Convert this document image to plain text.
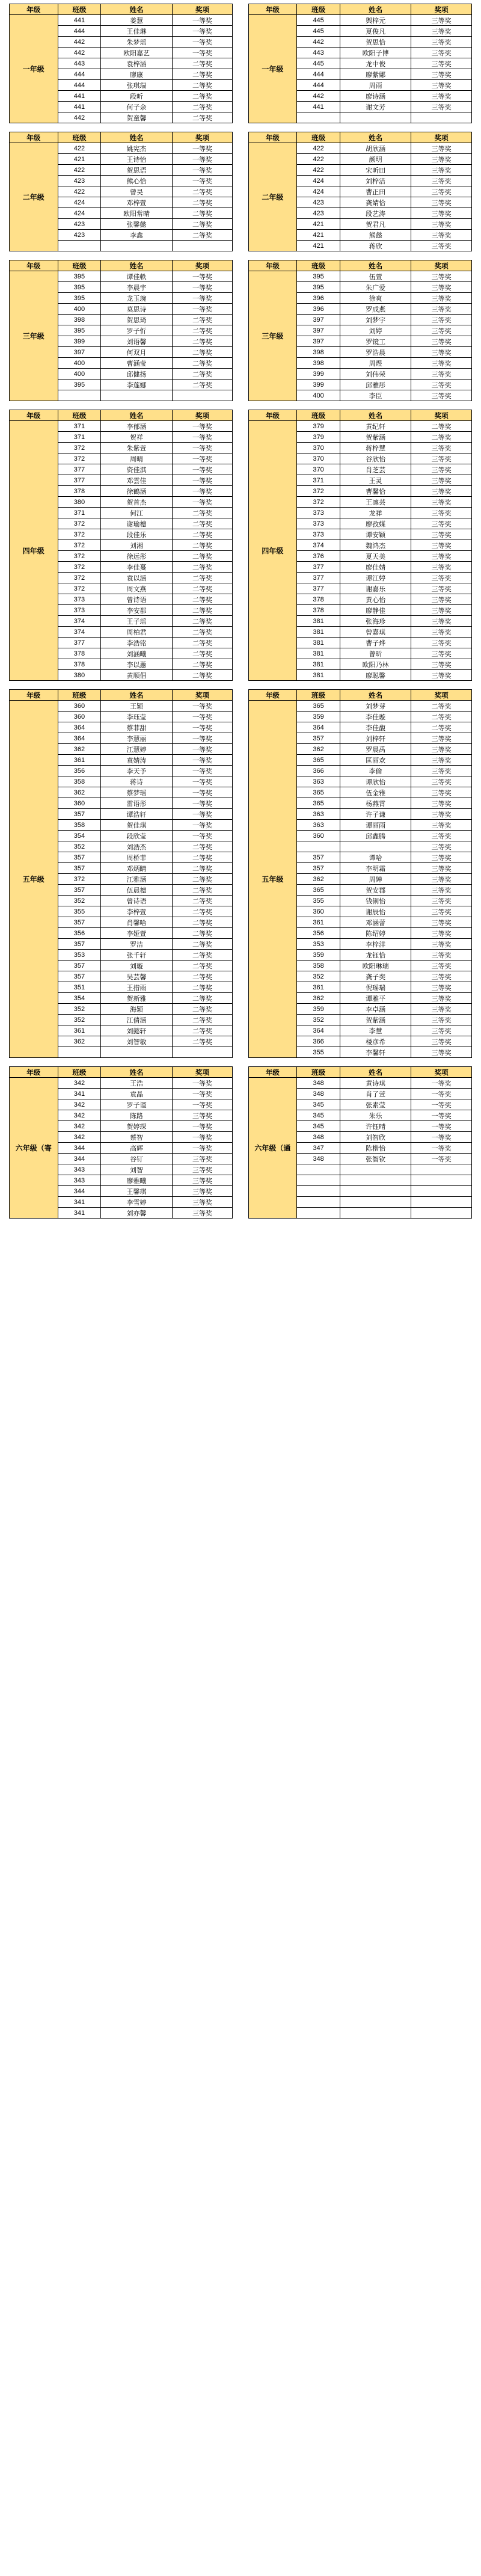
年级	班级	姓名	奖项		年级	班级	姓名	奖项
一年级	441	姜慧	一等奖		一年级	445	舆梓元	三等奖
	444	王佳琳	一等奖			445	夏俊凡	三等奖
	442	朱梦瑶	一等奖			442	贺思恰	三等奖
	442	欧阳嘉艺	一等奖			443	欧阳子博	三等奖
	443	袁梓涵	二等奖			445	龙中俊	三等奖
	444	廖康	二等奖			444	廖紫娜	三等奖
	444	张琪瑞	二等奖			444	周雨	三等奖
	441	段昕	二等奖			442	廖诗涵	三等奖
	441	何子余	二等奖			441	谢文芳	三等奖
	442	贺童馨	二等奖					
年级	班级	姓名	奖项		年级	班级	姓名	奖项
二年级	422	姚宪杰	一等奖		二年级	422	胡欣涵	三等奖
	421	王诗怡	一等奖			422	颜明	三等奖
	422	贺思语	一等奖			422	宋昕田	三等奖
	423	熊心恰	一等奖			424	刘梓洁	三等奖
	422	曾昊	二等奖			424	曹正田	三等奖
	424	邓梓萱	二等奖			423	龚婧恰	三等奖
	424	欧阳常晴	二等奖			423	段艺涛	三等奖
	423	张馨懿	二等奖			421	贺君凡	三等奖
	423	李鑫	二等奖			421	熊懿	三等奖
						421	蒋欣	三等奖
年级	班级	姓名	奖项		年级	班级	姓名	奖项
三年级	395	谭佳軼	一等奖		三年级	395	伍萱	三等奖
	395	李晨宇	一等奖			395	朱广爱	三等奖
	395	龙玉琬	一等奖			396	徐爽	三等奖
	400	莫思诗	一等奖			396	罗成燕	三等奖
	398	贺思琦	二等奖			397	刘梦宇	三等奖
	395	罗子忻	二等奖			397	刘婷	三等奖
	399	刘语馨	二等奖			397	罗镜工	三等奖
	397	何双月	二等奖			398	罗浩晨	三等奖
	400	曹涵莹	二等奖			398	周煜	三等奖
	400	邱健扬	二等奖			399	刘伟荣	三等奖
	395	李莲娜	二等奖			399	邱雅彤	三等奖
						400	李臣	三等奖
年级	班级	姓名	奖项		年级	班级	姓名	奖项
四年级	371	李郁涵	一等奖		四年级	379	黄纪轩	二等奖
	371	贺祥	一等奖			379	贺紫涵	二等奖
	372	朱紫萱	一等奖			370	蒋梓慧	三等奖
	372	周晴	一等奖			370	谷欣怡	三等奖
	377	资佳淇	一等奖			370	肖芝芸	三等奖
	377	邓雲佳	一等奖			371	王灵	三等奖
	378	徐鶴涵	一等奖			372	曹馨恰	三等奖
	380	贺首杰	一等奖			372	王凛芸	三等奖
	371	何江	二等奖			373	龙祥	三等奖
	372	谢瑜橞	二等奖			373	廖孜媒	三等奖
	372	段佳乐	二等奖			373	谭安颖	三等奖
	372	刘湘	二等奖			374	魏鸿杰	三等奖
	372	徐远彤	二等奖			376	夏天美	三等奖
	372	李佳蔓	二等奖			377	廖佳婧	三等奖
	372	袁以涵	二等奖			377	谭江婷	三等奖
	372	周文燕	二等奖			377	谢嘉乐	三等奖
	373	曾诗语	二等奖			378	黄心怡	三等奖
	373	李安郡	二等奖			378	廖静佳	三等奖
	374	王子瑶	二等奖			381	张海珍	三等奖
	374	周柏君	二等奖			381	曾嘉琪	三等奖
	377	李浩铭	二等奖			381	曹子烨	三等奖
	378	刘涵曦	二等奖			381	曾昕	三等奖
	378	李以蕙	二等奖			381	欧阳乃林	三等奖
	380	黄顺倡	二等奖			381	廖聪馨	三等奖
年级	班级	姓名	奖项		年级	班级	姓名	奖项
五年级	360	王颖	一等奖		五年级	365	刘梦芽	二等奖
	360	李珏莹	一等奖			359	李佳璇	二等奖
	364	蔡菲甜	一等奖			364	李佳馥	二等奖
	364	李慧丽	一等奖			357	刘梓轩	三等奖
	362	江慧婷	一等奖			362	罗晨禹	三等奖
	361	袁婧涛	一等奖			365	匡丽欢	三等奖
	356	李天予	一等奖			366	李偷	三等奖
	358	蒋诗	一等奖			363	谭欣怡	三等奖
	362	蔡梦瑶	一等奖			365	伍金雅	三等奖
	360	雷语彤	一等奖			365	杨燕霄	三等奖
	357	谭浩轩	一等奖			363	许子谦	三等奖
	358	贺佳琪	一等奖			363	谭丽雨	三等奖
	354	段欣莹	一等奖			360	邱鑫腾	三等奖
	352	刘浩杰	二等奖					三等奖
	357	周桥菲	二等奖			357	谭哈	三等奖
	357	邓炳睛	二等奖			357	李明霜	三等奖
	372	江雅涵	二等奖			362	周婵	三等奖
	357	伍晨橞	二等奖			365	贺安郡	三等奖
	352	曾诗语	二等奖			355	钱俐怡	三等奖
	355	李梓萱	二等奖			360	谢辰怡	三等奖
	357	肖馨哈	二等奖			361	邓涵蕾	三等奖
	356	李娅萱	二等奖			356	陈绍婷	三等奖
	357	罗洁	二等奖			353	李梓洋	三等奖
	353	张千轩	二等奖			359	龙钰恰	三等奖
	357	刘璇	二等奖			358	欧阳琳瑞	三等奖
	357	吴芸馨	二等奖			352	龚子奕	三等奖
	351	王措雨	二等奖			361	倪瑶瑞	三等奖
	354	贺新雅	二等奖			362	谭雅平	三等奖
	352	海颖	二等奖			359	李卓涵	三等奖
	352	江倩涵	二等奖			352	贺紫涵	三等奖
	361	刘懿轩	二等奖			364	李慧	三等奖
	362	刘智敏	二等奖			366	楼彦希	三等奖
						355	李馨轩	三等奖
年级	班级	姓名	奖项		年级	班级	姓名	奖项
六年级（寄	342	王浩	一等奖		六年级（通	348	黄诗琪	一等奖
	341	袁晶	一等奖			348	肖了萱	一等奖
	342	罗子谨	一等奖			345	张素莹	一等奖
	342	陈路	三等奖			345	朱乐	一等奖
	342	贺婷琛	一等奖			345	许钰晴	一等奖
	342	蔡智	一等奖			348	刘智欣	一等奖
	344	高辉	一等奖			347	陈楷怡	一等奖
	344	谷钉	三等奖			348	张智钦	一等奖
	343	刘智	三等奖					
	343	廖雅曦	三等奖					
	344	王馨琪	三等奖					
	341	李雪婷	三等奖					
	341	刘亦馨	三等奖					
